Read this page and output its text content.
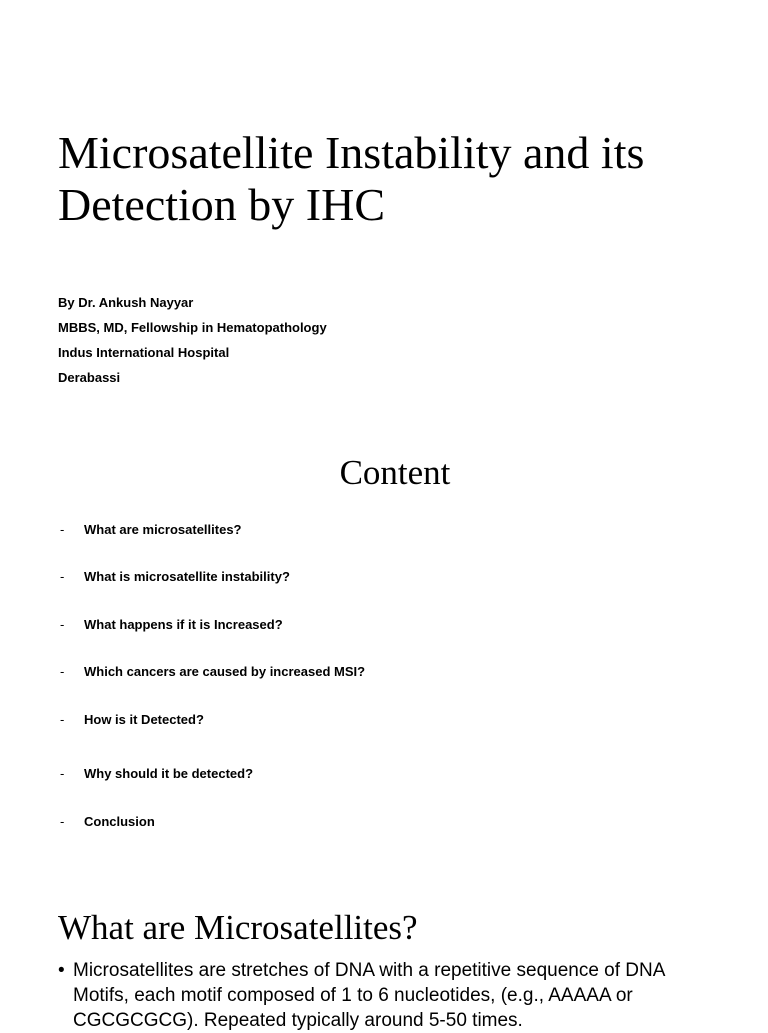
Microsatellite Instability and its Detection by IHC
By Dr. Ankush Nayyar
MBBS, MD, Fellowship in Hematopathology
Indus International Hospital
Derabassi
Content
- What are microsatellites?
- What is microsatellite instability?
- What happens if it is Increased?
- Which cancers are caused by increased MSI?
- How is it Detected?
- Why should it be detected?
- Conclusion
What are Microsatellites?
• Microsatellites are stretches of DNA with a repetitive sequence of DNA Motifs, each motif composed of 1 to 6 nucleotides, (e.g., AAAAA or CGCGCGCG). Repeated typically around 5-50 times.
